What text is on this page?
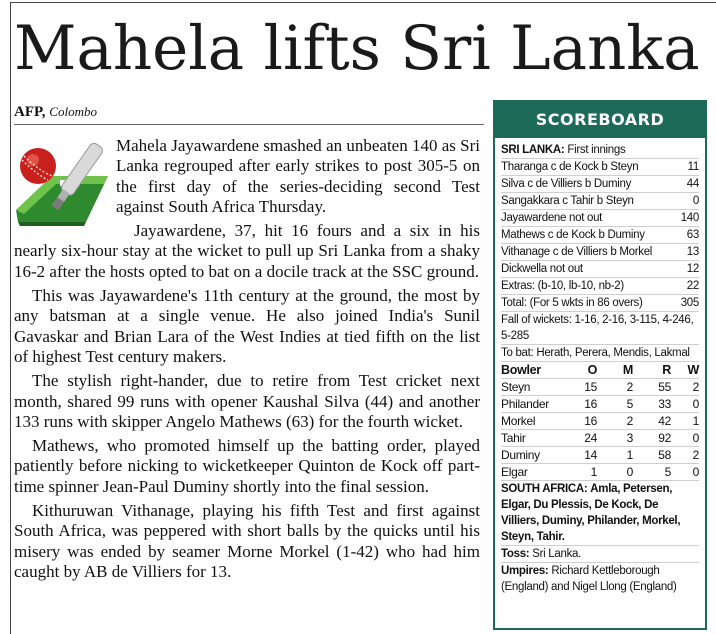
Mahela lifts Sri Lanka
AFP, Colombo

Mahela Jayawardene smashed an unbeaten 140 as Sri Lanka regrouped after early strikes to post 305-5 on the first day of the series-deciding second Test against South Africa Thursday.

Jayawardene, 37, hit 16 fours and a six in his nearly six-hour stay at the wicket to pull up Sri Lanka from a shaky 16-2 after the hosts opted to bat on a docile track at the SSC ground.

This was Jayawardene's 11th century at the ground, the most by any batsman at a single venue. He also joined India's Sunil Gavaskar and Brian Lara of the West Indies at tied fifth on the list of highest Test century makers.

The stylish right-hander, due to retire from Test cricket next month, shared 99 runs with opener Kaushal Silva (44) and another 133 runs with skipper Angelo Mathews (63) for the fourth wicket.

Mathews, who promoted himself up the batting order, played patiently before nicking to wicketkeeper Quinton de Kock off part-time spinner Jean-Paul Duminy shortly into the final session.

Kithuruwan Vithanage, playing his fifth Test and first against South Africa, was peppered with short balls by the quicks until his misery was ended by seamer Morne Morkel (1-42) who had him caught by AB de Villiers for 13.

SCOREBOARD
SRI LANKA: First innings
Tharanga c de Kock b Steyn	11
Silva c de Villiers b Duminy	44
Sangakkara c Tahir b Steyn	0
Jayawardene not out	140
Mathews c de Kock b Duminy	63
Vithanage c de Villiers b Morkel	13
Dickwella not out	12
Extras: (b-10, lb-10, nb-2)	22
Total: (For 5 wkts in 86 overs)	305
Fall of wickets: 1-16, 2-16, 3-115, 4-246, 5-285
To bat: Herath, Perera, Mendis, Lakmal
Bowler	O	M	R	W
Steyn	15	2	55	2
Philander	16	5	33	0
Morkel	16	2	42	1
Tahir	24	3	92	0
Duminy	14	1	58	2
Elgar	1	0	5	0
SOUTH AFRICA: Amla, Petersen, Elgar, Du Plessis, De Kock, De Villiers, Duminy, Philander, Morkel, Steyn, Tahir.
Toss: Sri Lanka.
Umpires: Richard Kettleborough (England) and Nigel Llong (England)
